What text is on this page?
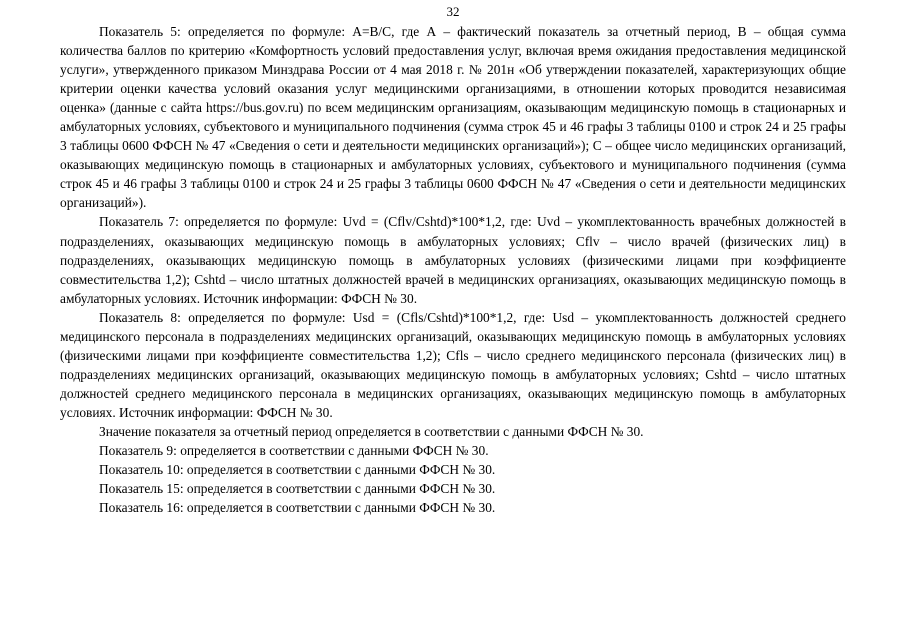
32

Показатель 5: определяется по формуле: А=В/С, где А – фактический показатель за отчетный период, В – общая сумма количества баллов по критерию «Комфортность условий предоставления услуг, включая время ожидания предоставления медицинской услуги», утвержденного приказом Минздрава России от 4 мая 2018 г. № 201н «Об утверждении показателей, характеризующих общие критерии оценки качества условий оказания услуг медицинскими организациями, в отношении которых проводится независимая оценка» (данные с сайта https://bus.gov.ru) по всем медицинским организациям, оказывающим медицинскую помощь в стационарных и амбулаторных условиях, субъектового и муниципального подчинения (сумма строк 45 и 46 графы 3 таблицы 0100 и строк 24 и 25 графы 3 таблицы 0600 ФФСН № 47 «Сведения о сети и деятельности медицинских организаций»); С – общее число медицинских организаций, оказывающих медицинскую помощь в стационарных и амбулаторных условиях, субъектового и муниципального подчинения (сумма строк 45 и 46 графы 3 таблицы 0100 и строк 24 и 25 графы 3 таблицы 0600 ФФСН № 47 «Сведения о сети и деятельности медицинских организаций»).

Показатель 7: определяется по формуле: Uvd = (Cflv/Cshtd)*100*1,2, где: Uvd – укомплектованность врачебных должностей в подразделениях, оказывающих медицинскую помощь в амбулаторных условиях; Cflv – число врачей (физических лиц) в подразделениях, оказывающих медицинскую помощь в амбулаторных условиях (физическими лицами при коэффициенте совместительства 1,2); Cshtd – число штатных должностей врачей в медицинских организациях, оказывающих медицинскую помощь в амбулаторных условиях. Источник информации: ФФСН № 30.

Показатель 8: определяется по формуле: Usd = (Cfls/Cshtd)*100*1,2, где: Usd – укомплектованность должностей среднего медицинского персонала в подразделениях медицинских организаций, оказывающих медицинскую помощь в амбулаторных условиях (физическими лицами при коэффициенте совместительства 1,2); Cfls – число среднего медицинского персонала (физических лиц) в подразделениях медицинских организаций, оказывающих медицинскую помощь в амбулаторных условиях; Cshtd – число штатных должностей среднего медицинского персонала в медицинских организациях, оказывающих медицинскую помощь в амбулаторных условиях. Источник информации: ФФСН № 30.

Значение показателя за отчетный период определяется в соответствии с данными ФФСН № 30.

Показатель 9: определяется в соответствии с данными ФФСН № 30.

Показатель 10: определяется в соответствии с данными ФФСН № 30.

Показатель 15: определяется в соответствии с данными ФФСН № 30.

Показатель 16: определяется в соответствии с данными ФФСН № 30.
